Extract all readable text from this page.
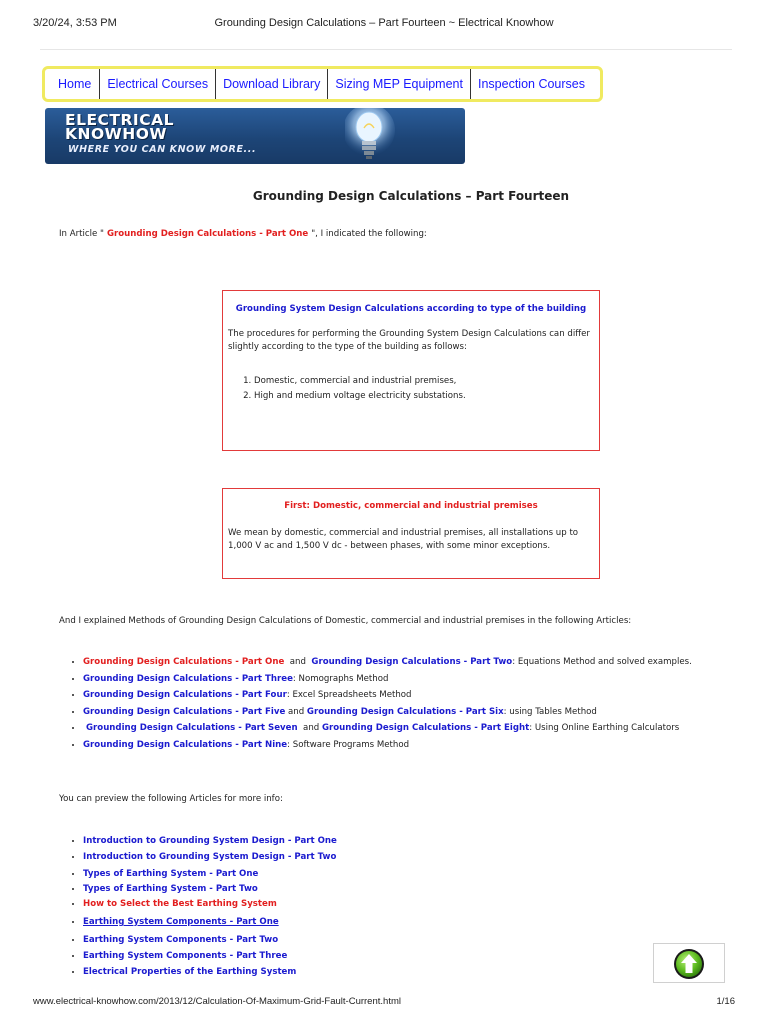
3/20/24, 3:53 PM	Grounding Design Calculations – Part Fourteen ~ Electrical Knowhow
Home	Electrical Courses	Download Library	Sizing MEP Equipment	Inspection Courses
ELECTRICAL
KNOWHOW
WHERE YOU CAN KNOW MORE...
Grounding Design Calculations – Part Fourteen
In Article " Grounding Design Calculations - Part One ", I indicated the following:
Grounding System Design Calculations according to type of the building
The procedures for performing the Grounding System Design Calculations can differ slightly according to the type of the building as follows:
1. Domestic, commercial and industrial premises,
2. High and medium voltage electricity substations.
First: Domestic, commercial and industrial premises
We mean by domestic, commercial and industrial premises, all installations up to 1,000 V ac and 1,500 V dc - between phases, with some minor exceptions.
And I explained Methods of Grounding Design Calculations of Domestic, commercial and industrial premises in the following Articles:
• Grounding Design Calculations - Part One  and  Grounding Design Calculations - Part Two: Equations Method and solved examples.
• Grounding Design Calculations - Part Three: Nomographs Method
• Grounding Design Calculations - Part Four: Excel Spreadsheets Method
• Grounding Design Calculations - Part Five and Grounding Design Calculations - Part Six: using Tables Method
•  Grounding Design Calculations - Part Seven  and Grounding Design Calculations - Part Eight: Using Online Earthing Calculators
• Grounding Design Calculations - Part Nine: Software Programs Method
You can preview the following Articles for more info:
• Introduction to Grounding System Design - Part One
• Introduction to Grounding System Design - Part Two
• Types of Earthing System - Part One
• Types of Earthing System - Part Two
• How to Select the Best Earthing System
• Earthing System Components - Part One
• Earthing System Components - Part Two
• Earthing System Components - Part Three
• Electrical Properties of the Earthing System
www.electrical-knowhow.com/2013/12/Calculation-Of-Maximum-Grid-Fault-Current.html	1/16
